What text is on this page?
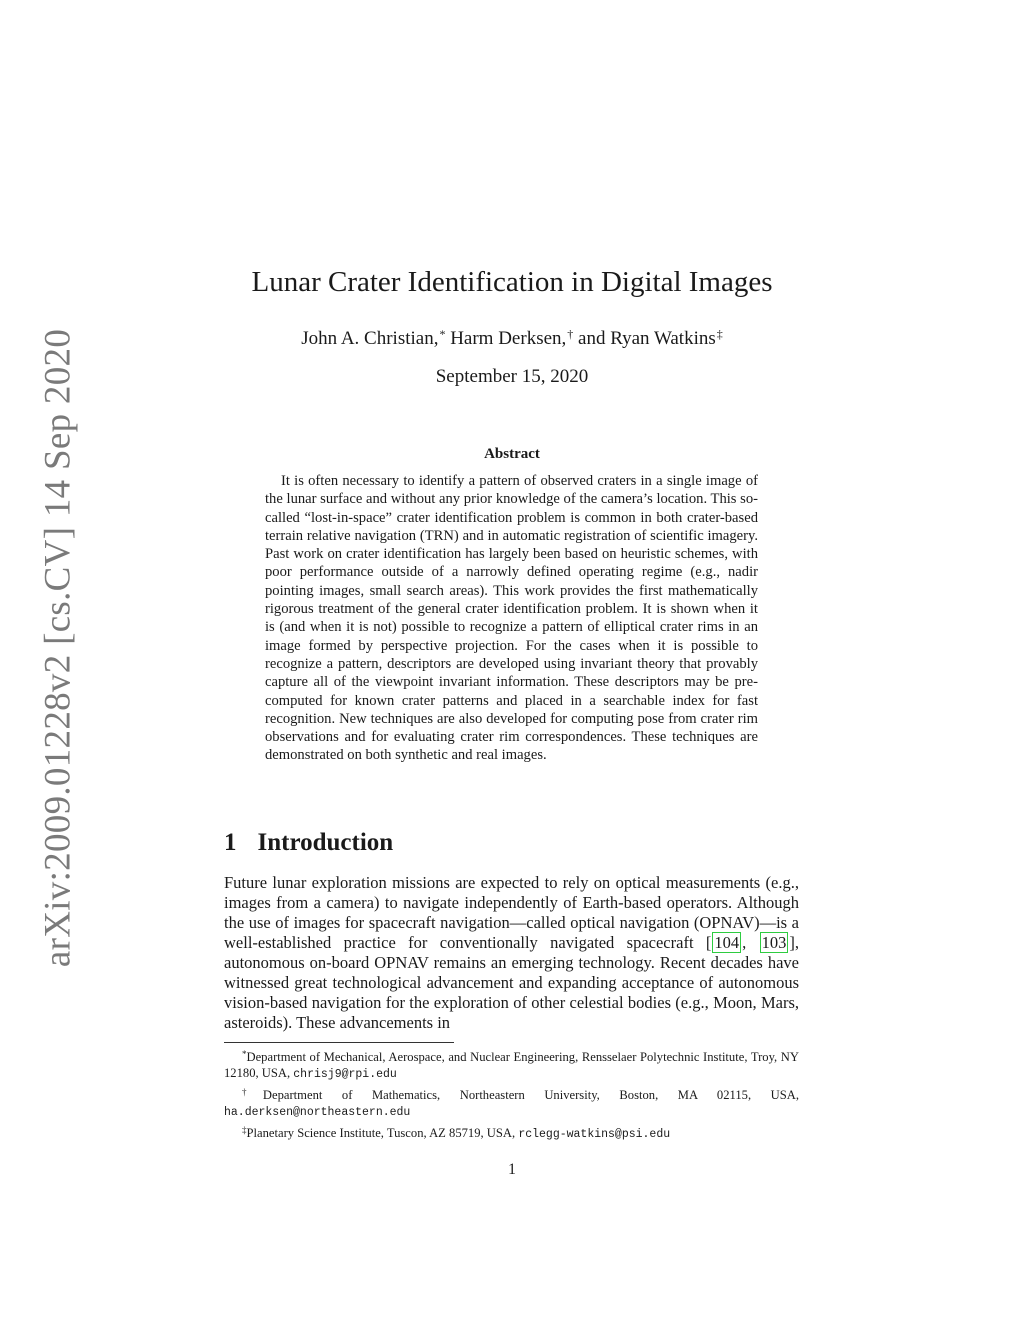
arXiv:2009.01228v2 [cs.CV] 14 Sep 2020
Lunar Crater Identification in Digital Images
John A. Christian,* Harm Derksen,† and Ryan Watkins‡
September 15, 2020
Abstract

It is often necessary to identify a pattern of observed craters in a single image of the lunar surface and without any prior knowledge of the camera’s location. This so-called “lost-in-space” crater identification problem is common in both crater-based terrain relative navigation (TRN) and in automatic registration of scientific imagery. Past work on crater identification has largely been based on heuristic schemes, with poor performance outside of a narrowly defined operating regime (e.g., nadir pointing images, small search areas). This work provides the first mathematically rigorous treatment of the general crater identification problem. It is shown when it is (and when it is not) possible to recognize a pattern of elliptical crater rims in an image formed by perspective projection. For the cases when it is possible to recognize a pattern, descriptors are developed using invariant theory that provably capture all of the viewpoint invariant information. These descriptors may be pre-computed for known crater patterns and placed in a searchable index for fast recognition. New techniques are also developed for computing pose from crater rim observations and for evaluating crater rim correspondences. These techniques are demonstrated on both synthetic and real images.

1 Introduction

Future lunar exploration missions are expected to rely on optical measurements (e.g., images from a camera) to navigate independently of Earth-based operators. Although the use of images for spacecraft navigation—called optical navigation (OPNAV)—is a well-established practice for conventionally navigated spacecraft [ 104 , 103 ], autonomous on-board OPNAV remains an emerging technology. Recent decades have witnessed great technological advancement and expanding acceptance of autonomous vision-based navigation for the exploration of other celestial bodies (e.g., Moon, Mars, asteroids). These advancements in

*Department of Mechanical, Aerospace, and Nuclear Engineering, Rensselaer Polytechnic Institute, Troy, NY 12180, USA, chrisj9@rpi.edu

†Department of Mathematics, Northeastern University, Boston, MA 02115, USA, ha.derksen@northeastern.edu

‡Planetary Science Institute, Tuscon, AZ 85719, USA, rclegg-watkins@psi.edu

1
